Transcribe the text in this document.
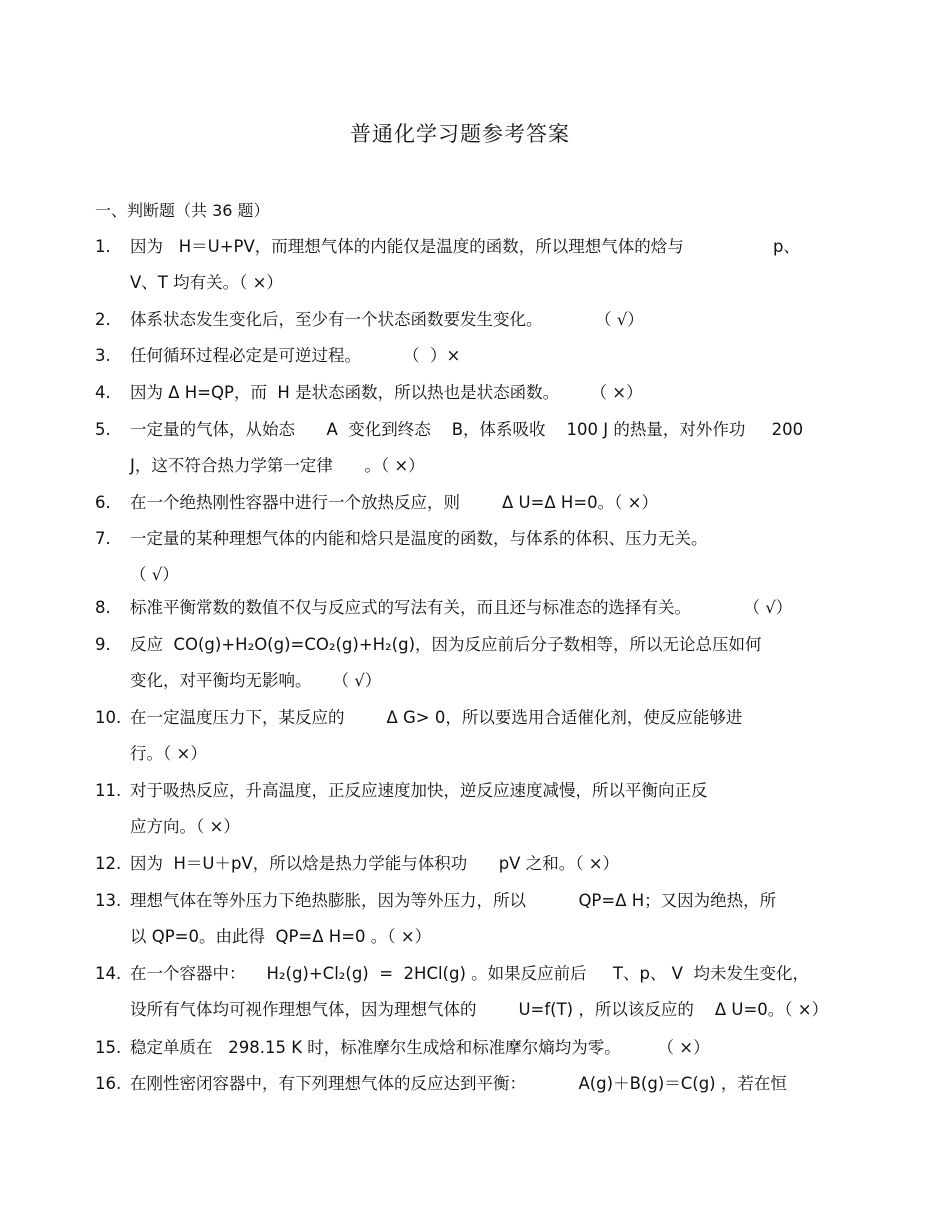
普通化学习题参考答案
一、判断题（共 36 题）
1. 因为   H＝U+PV，而理想气体的内能仅是温度的函数，所以理想气体的焓与                 p、
V、T 均有关。（ ×）
2. 体系状态发生变化后，至少有一个状态函数要发生变化。          （ √）
3. 任何循环过程必定是可逆过程。        （  ）×
4. 因为 Δ H=QP，而  H 是状态函数，所以热也是状态函数。      （ ×）
5. 一定量的气体，从始态      A  变化到终态    B，体系吸收    100 J 的热量，对外作功     200
J，这不符合热力学第一定律      。（ ×）
6. 在一个绝热刚性容器中进行一个放热反应，则        Δ U=Δ H=0。（ ×）
7. 一定量的某种理想气体的内能和焓只是温度的函数，与体系的体积、压力无关。
（ √）
8. 标准平衡常数的数值不仅与反应式的写法有关，而且还与标准态的选择有关。          （ √）
9. 反应  CO(g)+H₂O(g)=CO₂(g)+H₂(g)，因为反应前后分子数相等，所以无论总压如何
变化，对平衡均无影响。    （ √）
10. 在一定温度压力下，某反应的        Δ G> 0，所以要选用合适催化剂，使反应能够进
行。（ ×）
11. 对于吸热反应，升高温度，正反应速度加快，逆反应速度减慢，所以平衡向正反
应方向。（ ×）
12. 因为  H＝U＋pV，所以焓是热力学能与体积功      pV 之和。（ ×）
13. 理想气体在等外压力下绝热膨胀，因为等外压力，所以          QP=Δ H；又因为绝热，所
以 QP=0。由此得  QP=Δ H=0 。（ ×）
14. 在一个容器中：    H₂(g)+Cl₂(g)  =  2HCl(g) 。如果反应前后     T、p、 V  均未发生变化，
设所有气体均可视作理想气体，因为理想气体的        U=f(T) ，所以该反应的    Δ U=0。（ ×）
15. 稳定单质在   298.15 K 时，标准摩尔生成焓和标准摩尔熵均为零。       （ ×）
16. 在刚性密闭容器中，有下列理想气体的反应达到平衡：          A(g)＋B(g)＝C(g) ，若在恒
